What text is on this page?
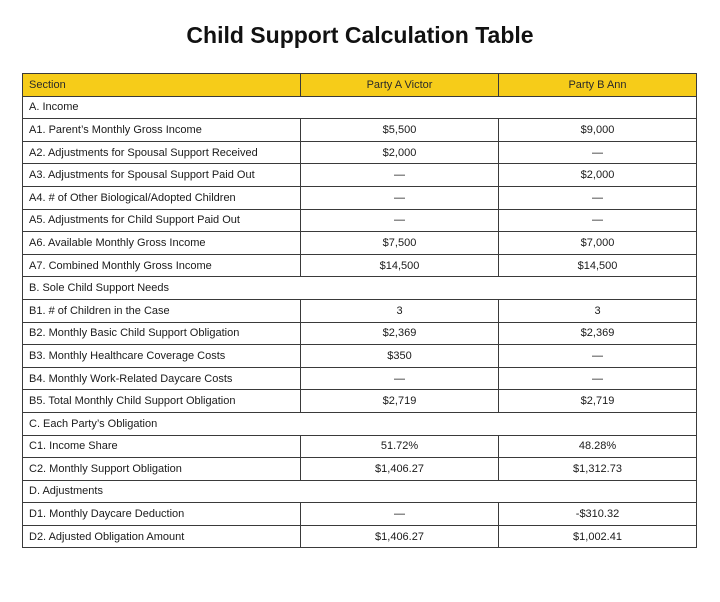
Child Support Calculation Table
Section	Party A Victor	Party B Ann
A. Income		
A1. Parent’s Monthly Gross Income	$5,500	$9,000
A2. Adjustments for Spousal Support Received	$2,000	—
A3. Adjustments for Spousal Support Paid Out	—	$2,000
A4. # of Other Biological/Adopted Children	—	—
A5. Adjustments for Child Support Paid Out	—	—
A6. Available Monthly Gross Income	$7,500	$7,000
A7. Combined Monthly Gross Income	$14,500	$14,500
B. Sole Child Support Needs		
B1. # of Children in the Case	3	3
B2. Monthly Basic Child Support Obligation	$2,369	$2,369
B3. Monthly Healthcare Coverage Costs	$350	—
B4. Monthly Work-Related Daycare Costs	—	—
B5. Total Monthly Child Support Obligation	$2,719	$2,719
C. Each Party’s Obligation		
C1. Income Share	51.72%	48.28%
C2. Monthly Support Obligation	$1,406.27	$1,312.73
D. Adjustments		
D1. Monthly Daycare Deduction	—	-$310.32
D2. Adjusted Obligation Amount	$1,406.27	$1,002.41
